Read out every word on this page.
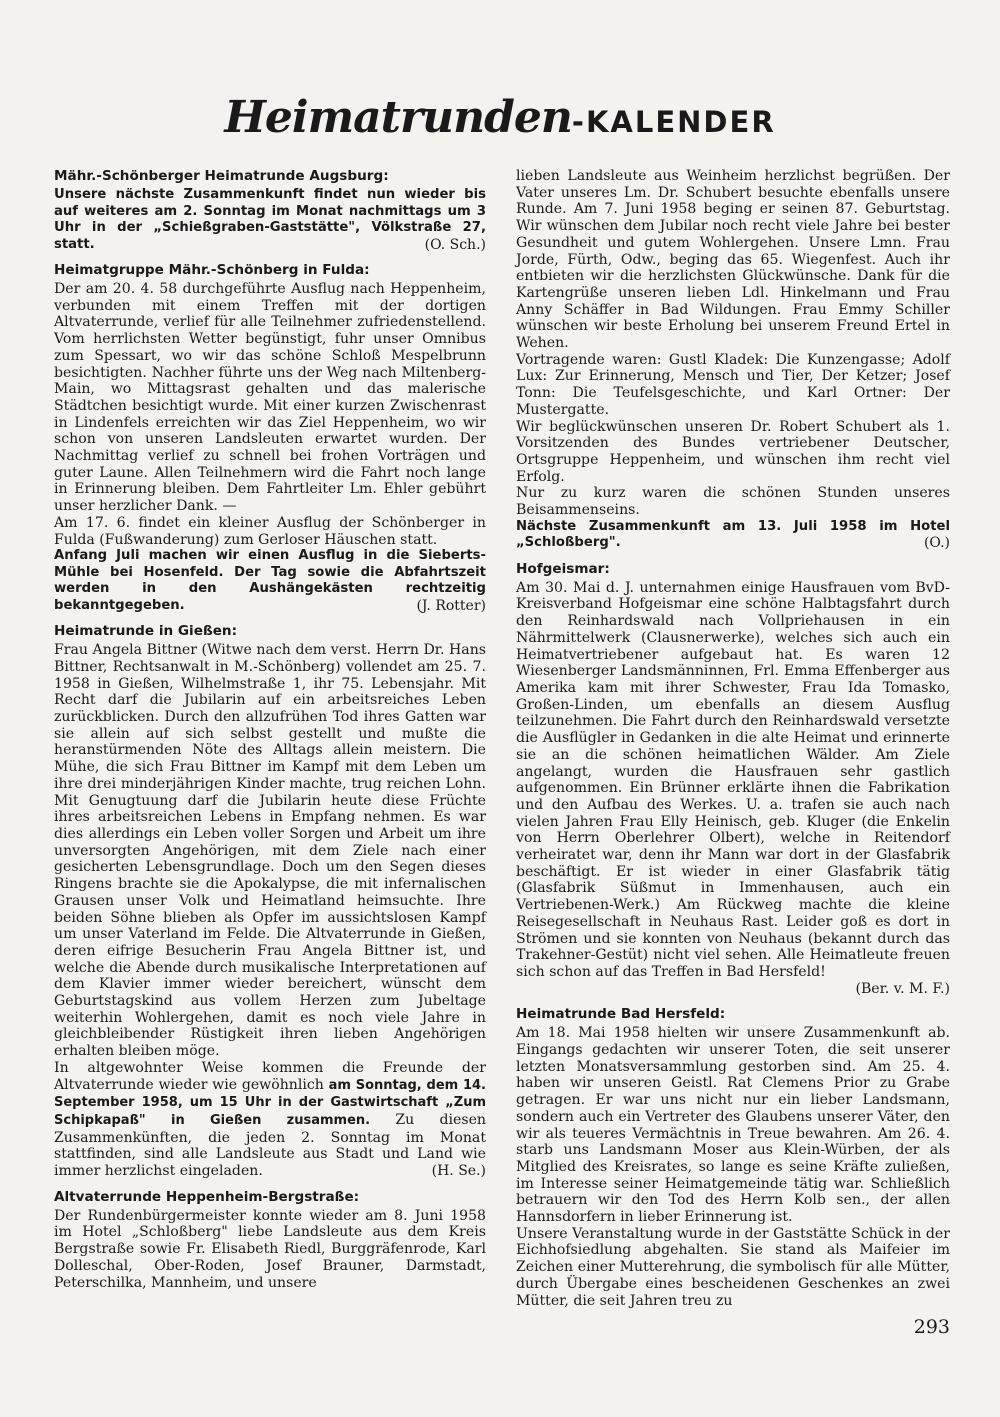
Heimatrunden-KALENDER
Mähr.-Schönberger Heimatrunde Augsburg:

Unsere nächste Zusammenkunft findet nun wieder bis auf weiteres am 2. Sonntag im Monat nachmittags um 3 Uhr in der „Schießgraben-Gaststätte", Völkstraße 27, statt.	(O. Sch.)

Heimatgruppe Mähr.-Schönberg in Fulda:

Der am 20. 4. 58 durchgeführte Ausflug nach Heppenheim, verbunden mit einem Treffen mit der dortigen Altvaterrunde, verlief für alle Teilnehmer zufriedenstellend. Vom herrlichsten Wetter begünstigt, fuhr unser Omnibus zum Spessart, wo wir das schöne Schloß Mespelbrunn besichtigten. Nachher führte uns der Weg nach Miltenberg-Main, wo Mittagsrast gehalten und das malerische Städtchen besichtigt wurde. Mit einer kurzen Zwischenrast in Lindenfels erreichten wir das Ziel Heppenheim, wo wir schon von unseren Landsleuten erwartet wurden. Der Nachmittag verlief zu schnell bei frohen Vorträgen und guter Laune. Allen Teilnehmern wird die Fahrt noch lange in Erinnerung bleiben. Dem Fahrtleiter Lm. Ehler gebührt unser herzlicher Dank. —

Am 17. 6. findet ein kleiner Ausflug der Schönberger in Fulda (Fußwanderung) zum Gerloser Häuschen statt.

Anfang Juli machen wir einen Ausflug in die Sieberts-Mühle bei Hosenfeld. Der Tag sowie die Abfahrtszeit werden in den Aushängekästen rechtzeitig bekanntgegeben.	(J. Rotter)

Heimatrunde in Gießen:

Frau Angela Bittner (Witwe nach dem verst. Herrn Dr. Hans Bittner, Rechtsanwalt in M.-Schönberg) vollendet am 25. 7. 1958 in Gießen, Wilhelmstraße 1, ihr 75. Lebensjahr. Mit Recht darf die Jubilarin auf ein arbeitsreiches Leben zurückblicken. Durch den allzufrühen Tod ihres Gatten war sie allein auf sich selbst gestellt und mußte die heranstürmenden Nöte des Alltags allein meistern. Die Mühe, die sich Frau Bittner im Kampf mit dem Leben um ihre drei minderjährigen Kinder machte, trug reichen Lohn. Mit Genugtuung darf die Jubilarin heute diese Früchte ihres arbeitsreichen Lebens in Empfang nehmen. Es war dies allerdings ein Leben voller Sorgen und Arbeit um ihre unversorgten Angehörigen, mit dem Ziele nach einer gesicherten Lebensgrundlage. Doch um den Segen dieses Ringens brachte sie die Apokalypse, die mit infernalischen Grausen unser Volk und Heimatland heimsuchte. Ihre beiden Söhne blieben als Opfer im aussichtslosen Kampf um unser Vaterland im Felde. Die Altvaterrunde in Gießen, deren eifrige Besucherin Frau Angela Bittner ist, und welche die Abende durch musikalische Interpretationen auf dem Klavier immer wieder bereichert, wünscht dem Geburtstagskind aus vollem Herzen zum Jubeltage weiterhin Wohlergehen, damit es noch viele Jahre in gleichbleibender Rüstigkeit ihren lieben Angehörigen erhalten bleiben möge.

In altgewohnter Weise kommen die Freunde der Altvaterrunde wieder wie gewöhnlich am Sonntag, dem 14. September 1958, um 15 Uhr in der Gastwirtschaft „Zum Schipkapaß" in Gießen zusammen. Zu diesen Zusammenkünften, die jeden 2. Sonntag im Monat stattfinden, sind alle Landsleute aus Stadt und Land wie immer herzlichst eingeladen.	(H. Se.)

Altvaterrunde Heppenheim-Bergstraße:

Der Rundenbürgermeister konnte wieder am 8. Juni 1958 im Hotel „Schloßberg" liebe Landsleute aus dem Kreis Bergstraße sowie Fr. Elisabeth Riedl, Burggräfenrode, Karl Dolleschal, Ober-Roden, Josef Brauner, Darmstadt, Peterschilka, Mannheim, und unsere

lieben Landsleute aus Weinheim herzlichst begrüßen. Der Vater unseres Lm. Dr. Schubert besuchte ebenfalls unsere Runde. Am 7. Juni 1958 beging er seinen 87. Geburtstag. Wir wünschen dem Jubilar noch recht viele Jahre bei bester Gesundheit und gutem Wohlergehen. Unsere Lmn. Frau Jorde, Fürth, Odw., beging das 65. Wiegenfest. Auch ihr entbieten wir die herzlichsten Glückwünsche. Dank für die Kartengrüße unseren lieben Ldl. Hinkelmann und Frau Anny Schäffer in Bad Wildungen. Frau Emmy Schiller wünschen wir beste Erholung bei unserem Freund Ertel in Wehen.

Vortragende waren: Gustl Kladek: Die Kunzengasse; Adolf Lux: Zur Erinnerung, Mensch und Tier, Der Ketzer; Josef Tonn: Die Teufelsgeschichte, und Karl Ortner: Der Mustergatte.

Wir beglückwünschen unseren Dr. Robert Schubert als 1. Vorsitzenden des Bundes vertriebener Deutscher, Ortsgruppe Heppenheim, und wünschen ihm recht viel Erfolg.

Nur zu kurz waren die schönen Stunden unseres Beisammenseins.

Nächste Zusammenkunft am 13. Juli 1958 im Hotel „Schloßberg".	(O.)

Hofgeismar:

Am 30. Mai d. J. unternahmen einige Hausfrauen vom BvD-Kreisverband Hofgeismar eine schöne Halbtagsfahrt durch den Reinhardswald nach Vollpriehausen in ein Nährmittelwerk (Clausnerwerke), welches sich auch ein Heimatvertriebener aufgebaut hat. Es waren 12 Wiesenberger Landsmänninnen, Frl. Emma Effenberger aus Amerika kam mit ihrer Schwester, Frau Ida Tomasko, Großen-Linden, um ebenfalls an diesem Ausflug teilzunehmen. Die Fahrt durch den Reinhardswald versetzte die Ausflügler in Gedanken in die alte Heimat und erinnerte sie an die schönen heimatlichen Wälder. Am Ziele angelangt, wurden die Hausfrauen sehr gastlich aufgenommen. Ein Brünner erklärte ihnen die Fabrikation und den Aufbau des Werkes. U. a. trafen sie auch nach vielen Jahren Frau Elly Heinisch, geb. Kluger (die Enkelin von Herrn Oberlehrer Olbert), welche in Reitendorf verheiratet war, denn ihr Mann war dort in der Glasfabrik beschäftigt. Er ist wieder in einer Glasfabrik tätig (Glasfabrik Süßmut in Immenhausen, auch ein Vertriebenen-Werk.) Am Rückweg machte die kleine Reisegesellschaft in Neuhaus Rast. Leider goß es dort in Strömen und sie konnten von Neuhaus (bekannt durch das Trakehner-Gestüt) nicht viel sehen. Alle Heimatleute freuen sich schon auf das Treffen in Bad Hersfeld!

(Ber. v. M. F.)

Heimatrunde Bad Hersfeld:

Am 18. Mai 1958 hielten wir unsere Zusammenkunft ab. Eingangs gedachten wir unserer Toten, die seit unserer letzten Monatsversammlung gestorben sind. Am 25. 4. haben wir unseren Geistl. Rat Clemens Prior zu Grabe getragen. Er war uns nicht nur ein lieber Landsmann, sondern auch ein Vertreter des Glaubens unserer Väter, den wir als teueres Vermächtnis in Treue bewahren. Am 26. 4. starb uns Landsmann Moser aus Klein-Würben, der als Mitglied des Kreisrates, so lange es seine Kräfte zuließen, im Interesse seiner Heimatgemeinde tätig war. Schließlich betrauern wir den Tod des Herrn Kolb sen., der allen Hannsdorfern in lieber Erinnerung ist.

Unsere Veranstaltung wurde in der Gaststätte Schück in der Eichhofsiedlung abgehalten. Sie stand als Maifeier im Zeichen einer Mutterehrung, die symbolisch für alle Mütter, durch Übergabe eines bescheidenen Geschenkes an zwei Mütter, die seit Jahren treu zu

293
